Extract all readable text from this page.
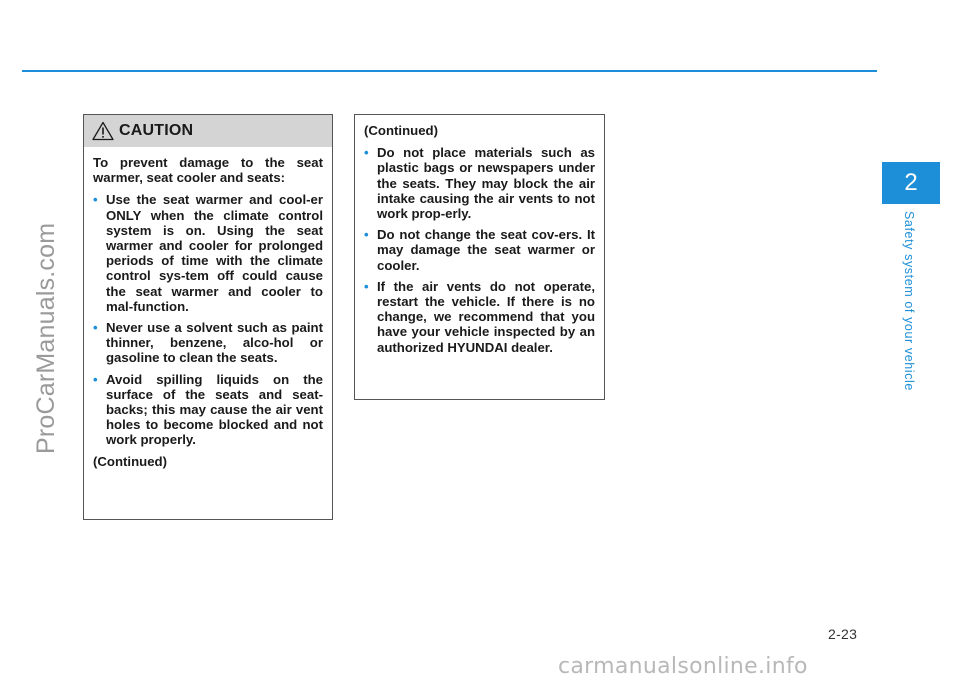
ProCarManuals.com
2
Safety system of your vehicle
CAUTION

To prevent damage to the seat warmer, seat cooler and seats:

• Use the seat warmer and cool-er ONLY when the climate control system is on. Using the seat warmer and cooler for prolonged periods of time with the climate control sys-tem off could cause the seat warmer and cooler to mal-function.
• Never use a solvent such as paint thinner, benzene, alco-hol or gasoline to clean the seats.
• Avoid spilling liquids on the surface of the seats and seat-backs; this may cause the air vent holes to become blocked and not work properly.

(Continued)

(Continued)

• Do not place materials such as plastic bags or newspapers under the seats. They may block the air intake causing the air vents to not work prop-erly.
• Do not change the seat cov-ers. It may damage the seat warmer or cooler.
• If the air vents do not operate, restart the vehicle. If there is no change, we recommend that you have your vehicle inspected by an authorized HYUNDAI dealer.
2-23
carmanualsonline.info
